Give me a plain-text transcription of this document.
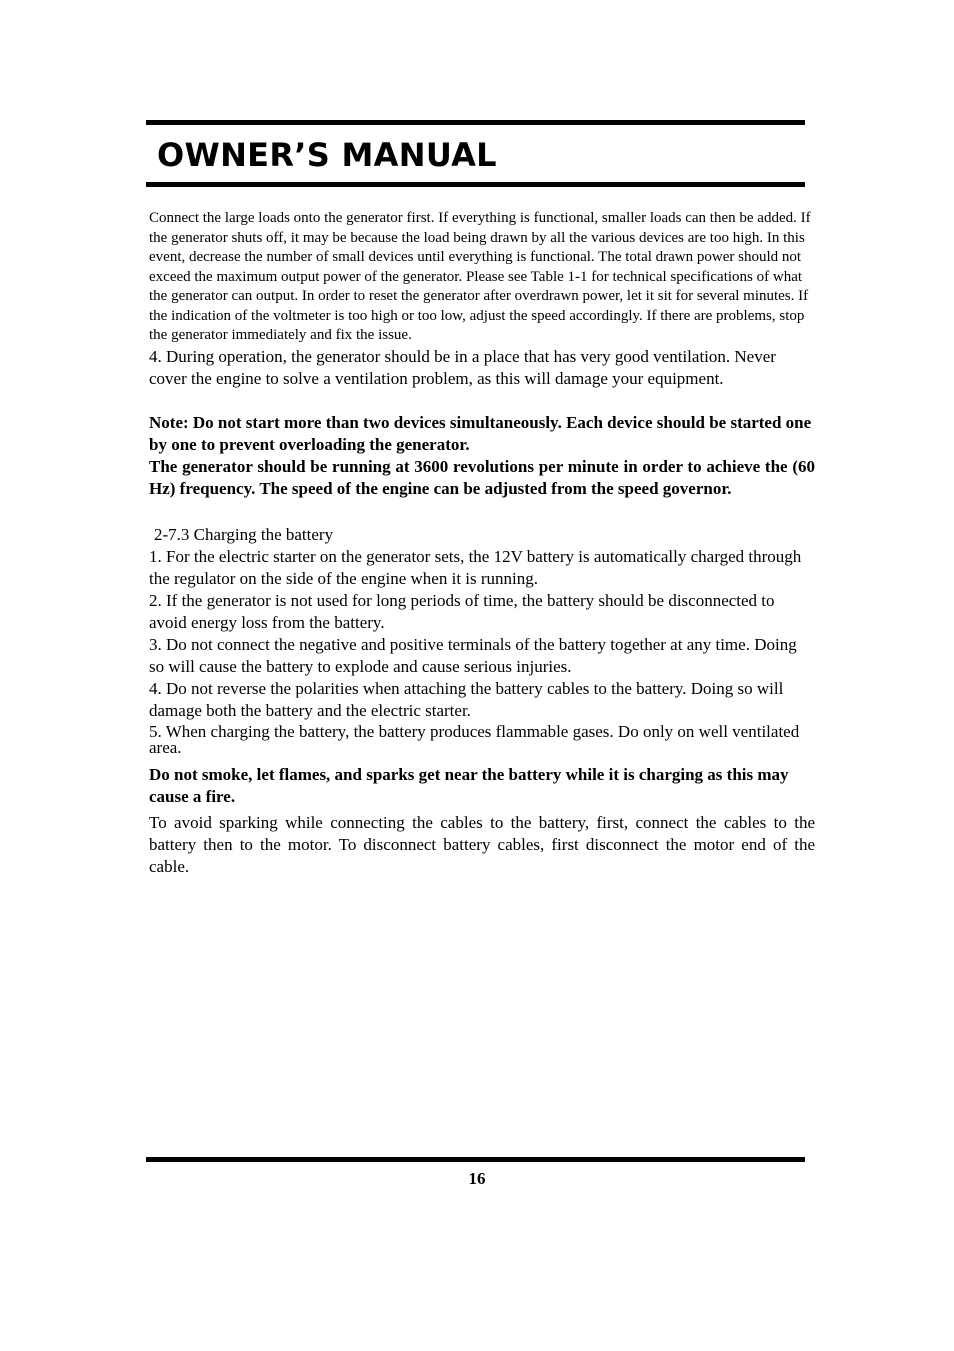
OWNER’S MANUAL

Connect the large loads onto the generator first. If everything is functional, smaller loads can then be added. If the generator shuts off, it may be because the load being drawn by all the various devices are too high. In this event, decrease the number of small devices until everything is functional. The total drawn power should not exceed the maximum output power of the generator. Please see Table 1-1 for technical specifications of what the generator can output. In order to reset the generator after overdrawn power, let it sit for several minutes. If the indication of the voltmeter is too high or too low, adjust the speed accordingly. If there are problems, stop the generator immediately and fix the issue.

4. During operation, the generator should be in a place that has very good ventilation. Never cover the engine to solve a ventilation problem, as this will damage your equipment.

Note: Do not start more than two devices simultaneously. Each device should be started one by one to prevent overloading the generator.

The generator should be running at 3600 revolutions per minute in order to achieve the (60 Hz) frequency. The speed of the engine can be adjusted from the speed governor.

2-7.3 Charging the battery

1. For the electric starter on the generator sets, the 12V battery is automatically charged through the regulator on the side of the engine when it is running.

2. If the generator is not used for long periods of time, the battery should be disconnected to avoid energy loss from the battery.

3. Do not connect the negative and positive terminals of the battery together at any time. Doing so will cause the battery to explode and cause serious injuries.

4. Do not reverse the polarities when attaching the battery cables to the battery. Doing so will damage both the battery and the electric starter.

5. When charging the battery, the battery produces flammable gases. Do only on well ventilated area.

Do not smoke, let flames, and sparks get near the battery while it is charging as this may cause a fire.

To avoid sparking while connecting the cables to the battery, first, connect the cables to the battery then to the motor. To disconnect battery cables, first disconnect the motor end of the cable.

16
